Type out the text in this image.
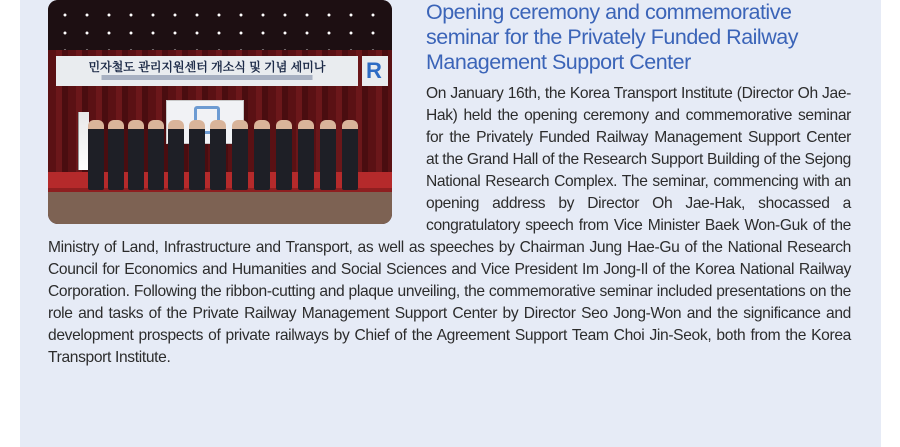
민자철도 관리지원센터 개소식 및 기념 세미나	R
Opening ceremony and commemorative seminar for the Privately Funded Railway Management Support Center

On January 16th, the Korea Transport Institute (Director Oh Jae-Hak) held the opening ceremony and commemorative seminar for the Privately Funded Railway Management Support Center at the Grand Hall of the Research Support Building of the Sejong National Research Complex. The seminar, commencing with an opening address by Director Oh Jae-Hak, shocassed a congratulatory speech from Vice Minister Baek Won-Guk of the Ministry of Land, Infrastructure and Transport, as well as speeches by Chairman Jung Hae-Gu of the National Research Council for Economics and Humanities and Social Sciences and Vice President Im Jong-Il of the Korea National Railway Corporation. Following the ribbon-cutting and plaque unveiling, the commemorative seminar included presentations on the role and tasks of the Private Railway Management Support Center by Director Seo Jong-Won and the significance and development prospects of private railways by Chief of the Agreement Support Team Choi Jin-Seok, both from the Korea Transport Institute.
